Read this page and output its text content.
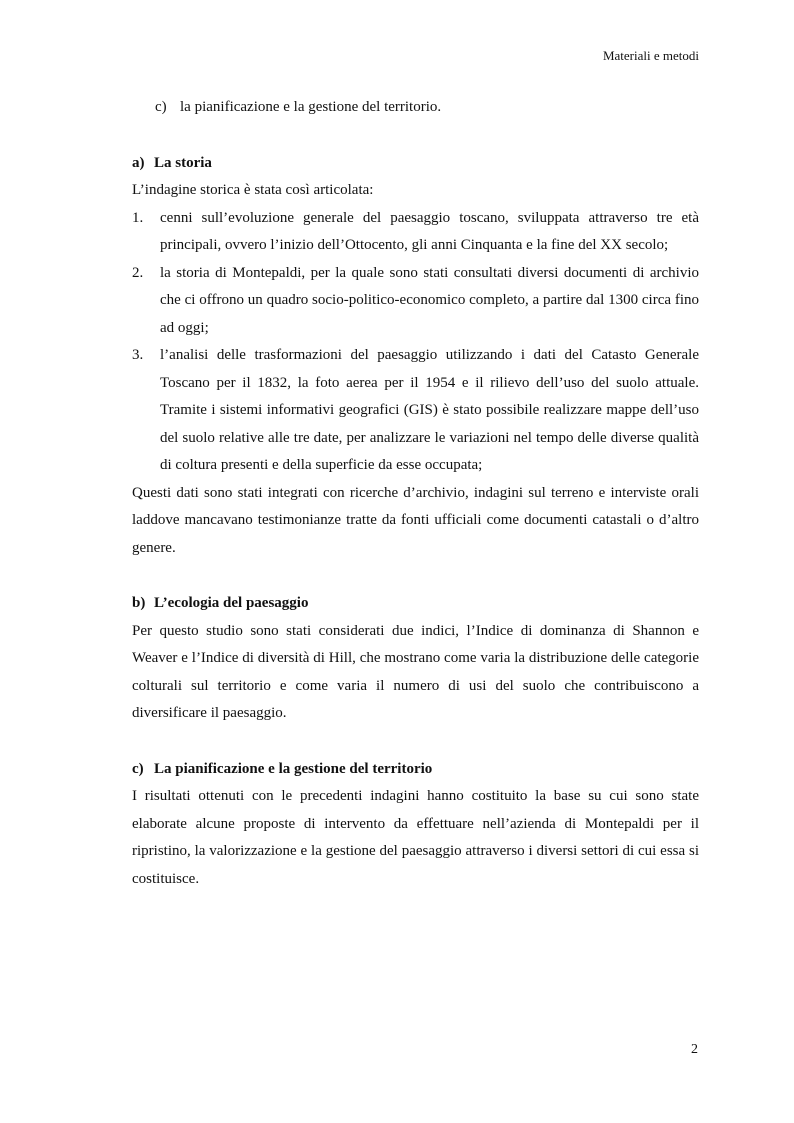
Materiali e metodi

c) la pianificazione e la gestione del territorio.

a) La storia

L’indagine storica è stata così articolata:

1. cenni sull’evoluzione generale del paesaggio toscano, sviluppata attraverso tre età principali, ovvero l’inizio dell’Ottocento, gli anni Cinquanta e la fine del XX secolo;
2. la storia di Montepaldi, per la quale sono stati consultati diversi documenti di archivio che ci offrono un quadro socio-politico-economico completo, a partire dal 1300 circa fino ad oggi;
3. l’analisi delle trasformazioni del paesaggio utilizzando i dati del Catasto Generale Toscano per il 1832, la foto aerea per il 1954 e il rilievo dell’uso del suolo attuale. Tramite i sistemi informativi geografici (GIS) è stato possibile realizzare mappe dell’uso del suolo relative alle tre date, per analizzare le variazioni nel tempo delle diverse qualità di coltura presenti e della superficie da esse occupata;

Questi dati sono stati integrati con ricerche d’archivio, indagini sul terreno e interviste orali laddove mancavano testimonianze tratte da fonti ufficiali come documenti catastali o d’altro genere.

b) L’ecologia del paesaggio

Per questo studio sono stati considerati due indici, l’Indice di dominanza di Shannon e Weaver e l’Indice di diversità di Hill, che mostrano come varia la distribuzione delle categorie colturali sul territorio e come varia il numero di usi del suolo che contribuiscono a diversificare il paesaggio.

c) La pianificazione e la gestione del territorio

I risultati ottenuti con le precedenti indagini hanno costituito la base su cui sono state elaborate alcune proposte di intervento da effettuare nell’azienda di Montepaldi per il ripristino, la valorizzazione e la gestione del paesaggio attraverso i diversi settori di cui essa si costituisce.

2
